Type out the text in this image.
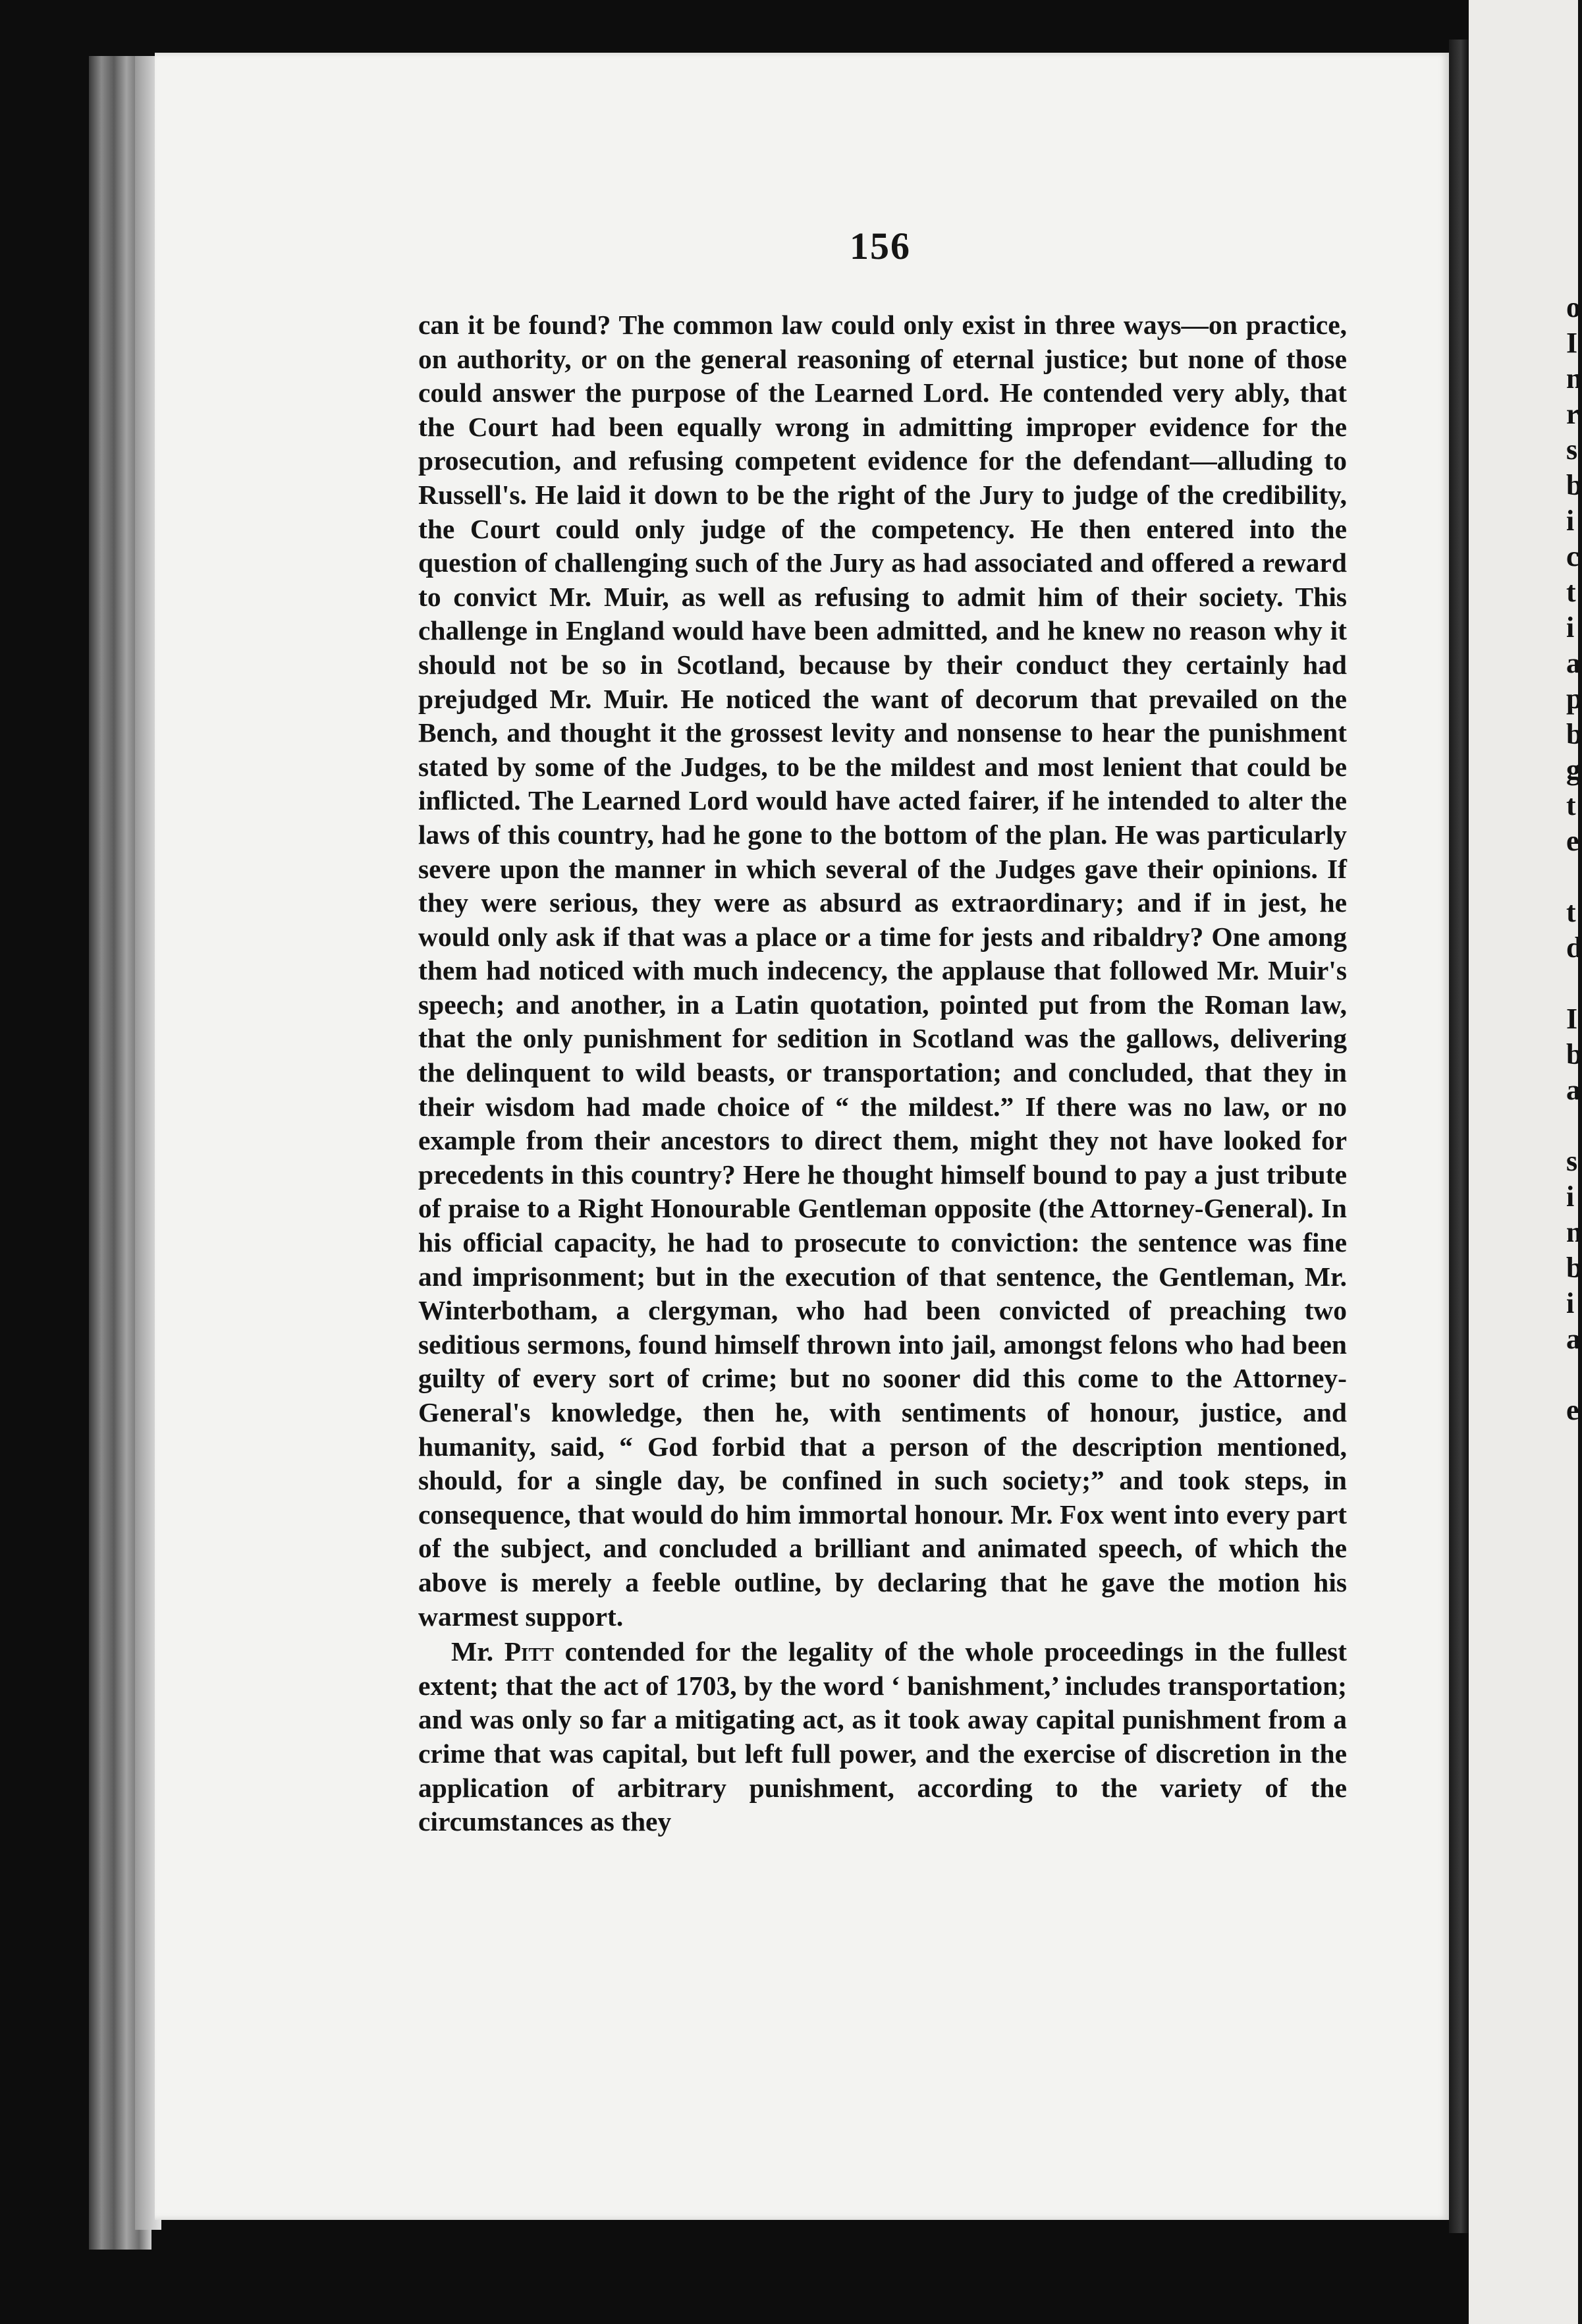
o
I
n
r
s
b
i
c
t
i
a
p
b
g
t
e

t
d

I
b
a

s
i
n
b
i
a

e
156

can it be found? The common law could only exist in three ways—on practice, on authority, or on the general reasoning of eternal justice; but none of those could answer the purpose of the Learned Lord. He contended very ably, that the Court had been equally wrong in admitting improper evidence for the prosecution, and refusing competent evidence for the defendant—alluding to Russell's. He laid it down to be the right of the Jury to judge of the credibility, the Court could only judge of the competency. He then entered into the question of challenging such of the Jury as had associated and offered a reward to convict Mr. Muir, as well as refusing to admit him of their society. This challenge in England would have been admitted, and he knew no reason why it should not be so in Scotland, because by their conduct they certainly had prejudged Mr. Muir. He noticed the want of decorum that prevailed on the Bench, and thought it the grossest levity and nonsense to hear the punishment stated by some of the Judges, to be the mildest and most lenient that could be inflicted. The Learned Lord would have acted fairer, if he intended to alter the laws of this country, had he gone to the bottom of the plan. He was particularly severe upon the manner in which several of the Judges gave their opinions. If they were serious, they were as absurd as extraordinary; and if in jest, he would only ask if that was a place or a time for jests and ribaldry? One among them had noticed with much indecency, the applause that followed Mr. Muir's speech; and another, in a Latin quotation, pointed put from the Roman law, that the only punishment for sedition in Scotland was the gallows, delivering the delinquent to wild beasts, or transportation; and concluded, that they in their wisdom had made choice of “ the mildest.” If there was no law, or no example from their ancestors to direct them, might they not have looked for precedents in this country? Here he thought himself bound to pay a just tribute of praise to a Right Honourable Gentleman opposite (the Attorney-General). In his official capacity, he had to prosecute to conviction: the sentence was fine and imprisonment; but in the execution of that sentence, the Gentleman, Mr. Winterbotham, a clergyman, who had been convicted of preaching two seditious sermons, found himself thrown into jail, amongst felons who had been guilty of every sort of crime; but no sooner did this come to the Attorney-General's knowledge, then he, with sentiments of honour, justice, and humanity, said, “ God forbid that a person of the description mentioned, should, for a single day, be confined in such society;” and took steps, in consequence, that would do him immortal honour. Mr. Fox went into every part of the subject, and concluded a brilliant and animated speech, of which the above is merely a feeble outline, by declaring that he gave the motion his warmest support.

Mr. Pitt contended for the legality of the whole proceedings in the fullest extent; that the act of 1703, by the word ‘ banishment,’ includes transportation; and was only so far a mitigating act, as it took away capital punishment from a crime that was capital, but left full power, and the exercise of discretion in the application of arbitrary punishment, according to the variety of the circumstances as they
